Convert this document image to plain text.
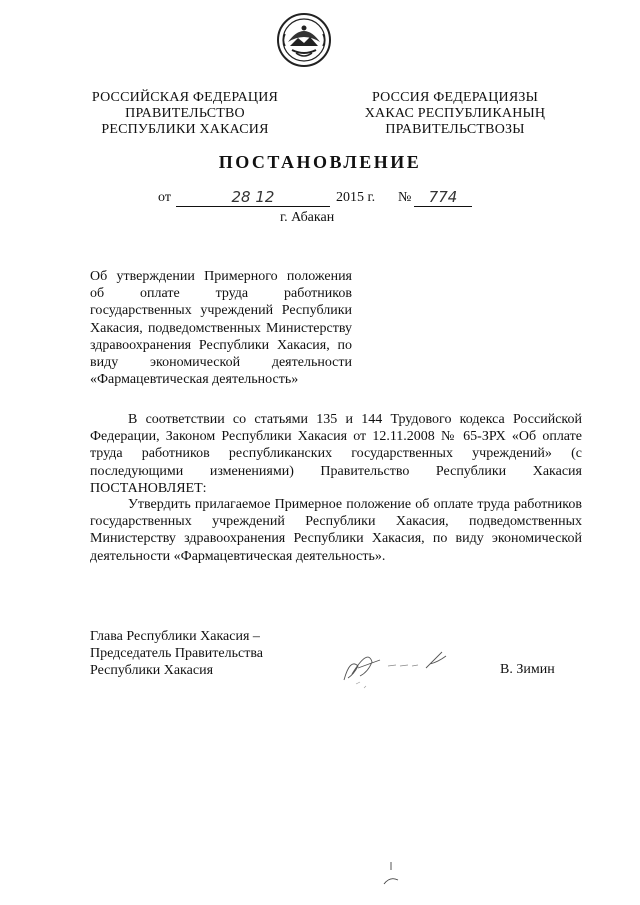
РОССИЙСКАЯ ФЕДЕРАЦИЯ
ПРАВИТЕЛЬСТВО
РЕСПУБЛИКИ ХАКАСИЯ
РОССИЯ ФЕДЕРАЦИЯЗЫ
ХАКАС РЕСПУБЛИКАНЫҢ
ПРАВИТЕЛЬСТВОЗЫ
ПОСТАНОВЛЕНИЕ
от	28 12	2015 г. №	774
г. Абакан
Об утверждении Примерного положения об оплате труда работников государственных учреждений Республики Хакасия, подведомственных Министерству здравоохранения Республики Хакасия, по виду экономической деятельности «Фармацевтическая деятельность»
В соответствии со статьями 135 и 144 Трудового кодекса Российской Федерации, Законом Республики Хакасия от 12.11.2008 № 65-ЗРХ «Об оплате труда работников республиканских государственных учреждений» (с последующими изменениями) Правительство Республики Хакасия ПОСТАНОВЛЯЕТ:
Утвердить прилагаемое Примерное положение об оплате труда работников государственных учреждений Республики Хакасия, подведомственных Министерству здравоохранения Республики Хакасия, по виду экономической деятельности «Фармацевтическая деятельность».
Глава Республики Хакасия –
Председатель Правительства
Республики Хакасия	В. Зимин
